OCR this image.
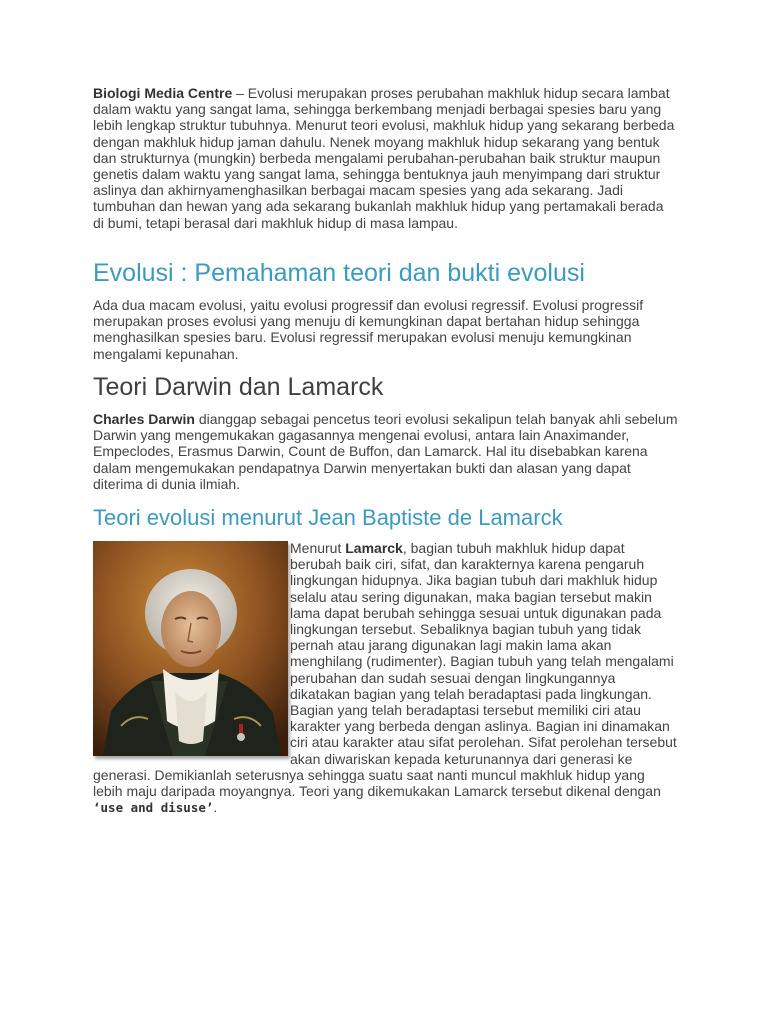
Biologi Media Centre – Evolusi merupakan proses perubahan makhluk hidup secara lambat dalam waktu yang sangat lama, sehingga berkembang menjadi berbagai spesies baru yang lebih lengkap struktur tubuhnya. Menurut teori evolusi, makhluk hidup yang sekarang berbeda dengan makhluk hidup jaman dahulu. Nenek moyang makhluk hidup sekarang yang bentuk dan strukturnya (mungkin) berbeda mengalami perubahan-perubahan baik struktur maupun genetis dalam waktu yang sangat lama, sehingga bentuknya jauh menyimpang dari struktur aslinya dan akhirnyamenghasilkan berbagai macam spesies yang ada sekarang. Jadi tumbuhan dan hewan yang ada sekarang bukanlah makhluk hidup yang pertamakali berada di bumi, tetapi berasal dari makhluk hidup di masa lampau.

Evolusi : Pemahaman teori dan bukti evolusi

Ada dua macam evolusi, yaitu evolusi progressif dan evolusi regressif. Evolusi progressif merupakan proses evolusi yang menuju di kemungkinan dapat bertahan hidup sehingga menghasilkan spesies baru. Evolusi regressif merupakan evolusi menuju kemungkinan mengalami kepunahan.

Teori Darwin dan Lamarck

Charles Darwin dianggap sebagai pencetus teori evolusi sekalipun telah banyak ahli sebelum Darwin yang mengemukakan gagasannya mengenai evolusi, antara lain Anaximander, Empeclodes, Erasmus Darwin, Count de Buffon, dan Lamarck. Hal itu disebabkan karena dalam mengemukakan pendapatnya Darwin menyertakan bukti dan alasan yang dapat diterima di dunia ilmiah.

Teori evolusi menurut Jean Baptiste de Lamarck

Menurut Lamarck, bagian tubuh makhluk hidup dapat berubah baik ciri, sifat, dan karakternya karena pengaruh lingkungan hidupnya. Jika bagian tubuh dari makhluk hidup selalu atau sering digunakan, maka bagian tersebut makin lama dapat berubah sehingga sesuai untuk digunakan pada lingkungan tersebut. Sebaliknya bagian tubuh yang tidak pernah atau jarang digunakan lagi makin lama akan menghilang (rudimenter). Bagian tubuh yang telah mengalami perubahan dan sudah sesuai dengan lingkungannya dikatakan bagian yang telah beradaptasi pada lingkungan. Bagian yang telah beradaptasi tersebut memiliki ciri atau karakter yang berbeda dengan aslinya. Bagian ini dinamakan ciri atau karakter atau sifat perolehan. Sifat perolehan tersebut akan diwariskan kepada keturunannya dari generasi ke generasi. Demikianlah seterusnya sehingga suatu saat nanti muncul makhluk hidup yang lebih maju daripada moyangnya. Teori yang dikemukakan Lamarck tersebut dikenal dengan ‘use and disuse’.
